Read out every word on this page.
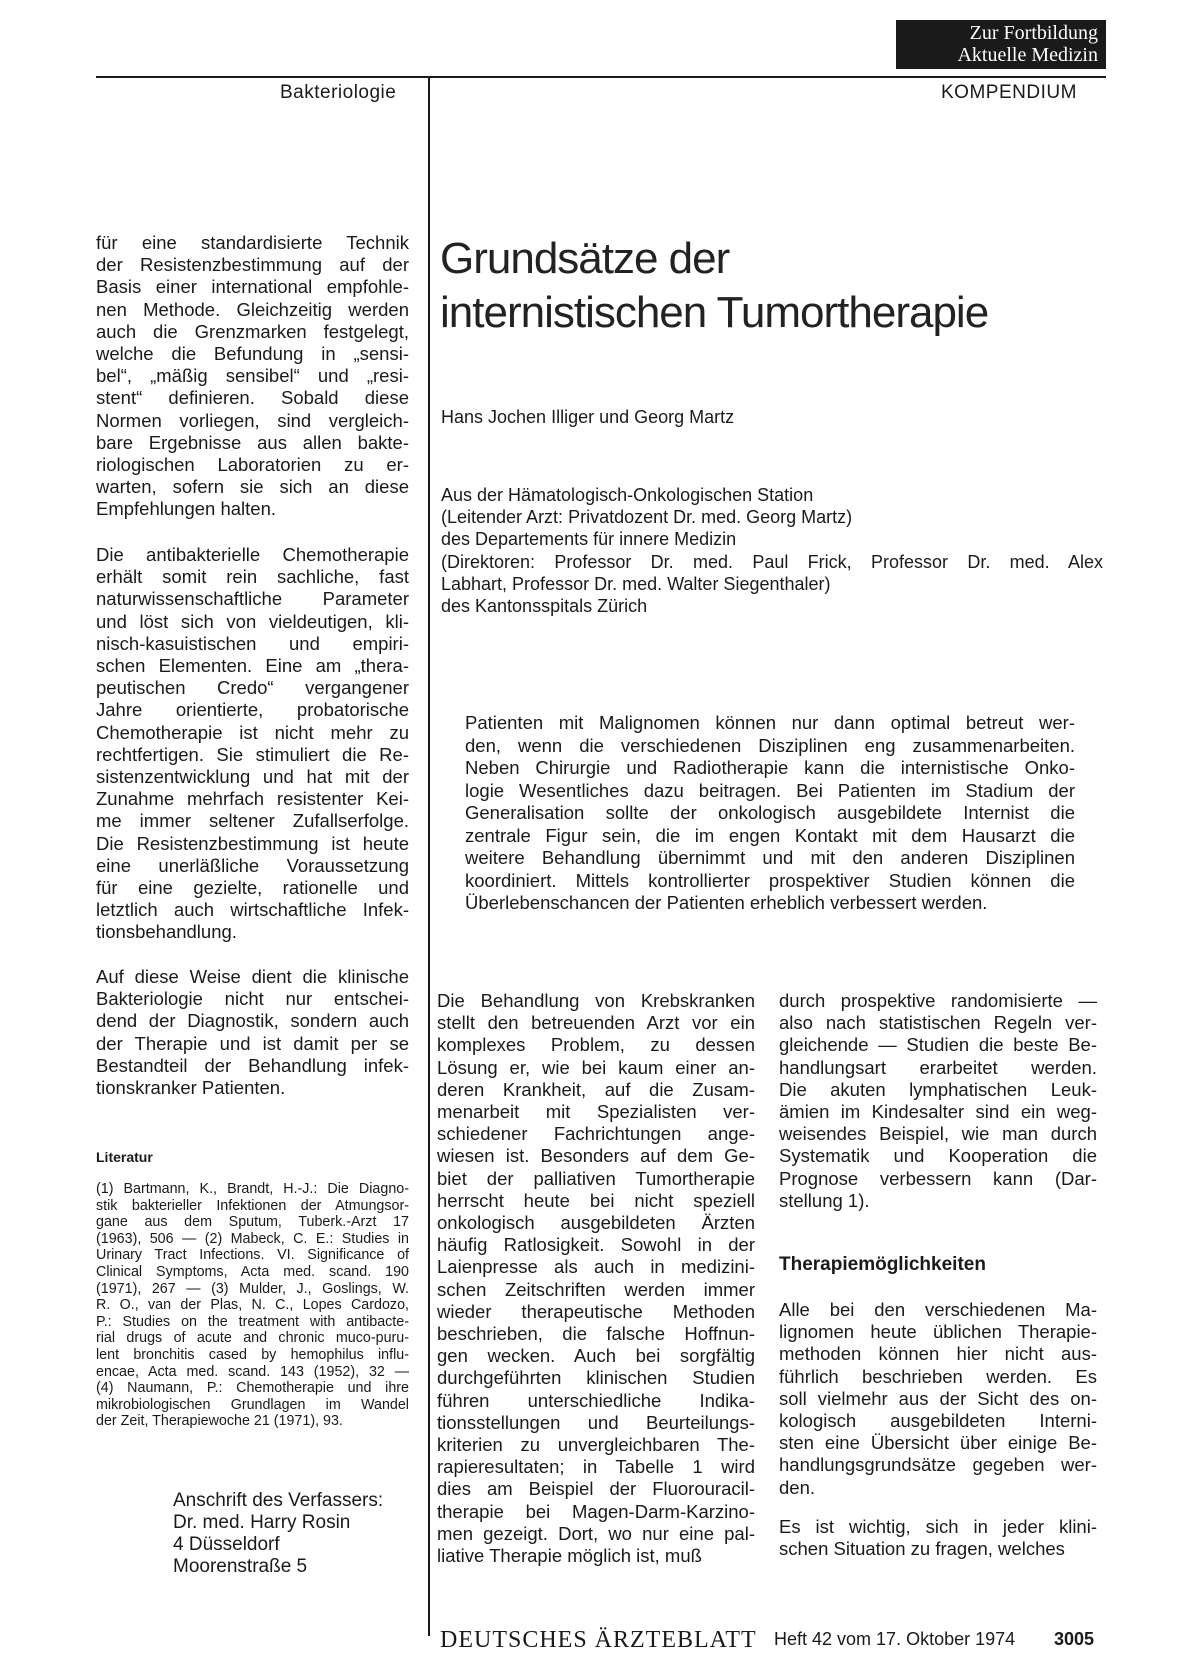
Zur Fortbildung
Aktuelle Medizin
Bakteriologie	KOMPENDIUM
für eine standardisierte Technik
der Resistenzbestimmung auf der
Basis einer international empfohle-
nen Methode. Gleichzeitig werden
auch die Grenzmarken festgelegt,
welche die Befundung in „sensi-
bel“, „mäßig sensibel“ und „resi-
stent“ definieren. Sobald diese
Normen vorliegen, sind vergleich-
bare Ergebnisse aus allen bakte-
riologischen Laboratorien zu er-
warten, sofern sie sich an diese
Empfehlungen halten.
Die antibakterielle Chemotherapie
erhält somit rein sachliche, fast
naturwissenschaftliche Parameter
und löst sich von vieldeutigen, kli-
nisch-kasuistischen und empiri-
schen Elementen. Eine am „thera-
peutischen Credo“ vergangener
Jahre orientierte, probatorische
Chemotherapie ist nicht mehr zu
rechtfertigen. Sie stimuliert die Re-
sistenzentwicklung und hat mit der
Zunahme mehrfach resistenter Kei-
me immer seltener Zufallserfolge.
Die Resistenzbestimmung ist heute
eine unerläßliche Voraussetzung
für eine gezielte, rationelle und
letztlich auch wirtschaftliche Infek-
tionsbehandlung.
Auf diese Weise dient die klinische
Bakteriologie nicht nur entschei-
dend der Diagnostik, sondern auch
der Therapie und ist damit per se
Bestandteil der Behandlung infek-
tionskranker Patienten.
Literatur
(1) Bartmann, K., Brandt, H.-J.: Die Diagno-
stik bakterieller Infektionen der Atmungsor-
gane aus dem Sputum, Tuberk.-Arzt 17
(1963), 506 — (2) Mabeck, C. E.: Studies in
Urinary Tract Infections. VI. Significance of
Clinical Symptoms, Acta med. scand. 190
(1971), 267 — (3) Mulder, J., Goslings, W.
R. O., van der Plas, N. C., Lopes Cardozo,
P.: Studies on the treatment with antibacte-
rial drugs of acute and chronic muco-puru-
lent bronchitis cased by hemophilus influ-
encae, Acta med. scand. 143 (1952), 32 —
(4) Naumann, P.: Chemotherapie und ihre
mikrobiologischen Grundlagen im Wandel
der Zeit, Therapiewoche 21 (1971), 93.
Anschrift des Verfassers:
Dr. med. Harry Rosin
4 Düsseldorf
Moorenstraße 5
Grundsätze der
internistischen Tumortherapie
Hans Jochen Illiger und Georg Martz
Aus der Hämatologisch-Onkologischen Station
(Leitender Arzt: Privatdozent Dr. med. Georg Martz)
des Departements für innere Medizin
(Direktoren: Professor Dr. med. Paul Frick, Professor Dr. med. Alex
Labhart, Professor Dr. med. Walter Siegenthaler)
des Kantonsspitals Zürich
Patienten mit Malignomen können nur dann optimal betreut wer-
den, wenn die verschiedenen Disziplinen eng zusammenarbeiten.
Neben Chirurgie und Radiotherapie kann die internistische Onko-
logie Wesentliches dazu beitragen. Bei Patienten im Stadium der
Generalisation sollte der onkologisch ausgebildete Internist die
zentrale Figur sein, die im engen Kontakt mit dem Hausarzt die
weitere Behandlung übernimmt und mit den anderen Disziplinen
koordiniert. Mittels kontrollierter prospektiver Studien können die
Überlebenschancen der Patienten erheblich verbessert werden.
Die Behandlung von Krebskranken
stellt den betreuenden Arzt vor ein
komplexes Problem, zu dessen
Lösung er, wie bei kaum einer an-
deren Krankheit, auf die Zusam-
menarbeit mit Spezialisten ver-
schiedener Fachrichtungen ange-
wiesen ist. Besonders auf dem Ge-
biet der palliativen Tumortherapie
herrscht heute bei nicht speziell
onkologisch ausgebildeten Ärzten
häufig Ratlosigkeit. Sowohl in der
Laienpresse als auch in medizini-
schen Zeitschriften werden immer
wieder therapeutische Methoden
beschrieben, die falsche Hoffnun-
gen wecken. Auch bei sorgfältig
durchgeführten klinischen Studien
führen unterschiedliche Indika-
tionsstellungen und Beurteilungs-
kriterien zu unvergleichbaren The-
rapieresultaten; in Tabelle 1 wird
dies am Beispiel der Fluorouracil-
therapie bei Magen-Darm-Karzino-
men gezeigt. Dort, wo nur eine pal-
liative Therapie möglich ist, muß
durch prospektive randomisierte —
also nach statistischen Regeln ver-
gleichende — Studien die beste Be-
handlungsart erarbeitet werden.
Die akuten lymphatischen Leuk-
ämien im Kindesalter sind ein weg-
weisendes Beispiel, wie man durch
Systematik und Kooperation die
Prognose verbessern kann (Dar-
stellung 1).
Therapiemöglichkeiten
Alle bei den verschiedenen Ma-
lignomen heute üblichen Therapie-
methoden können hier nicht aus-
führlich beschrieben werden. Es
soll vielmehr aus der Sicht des on-
kologisch ausgebildeten Interni-
sten eine Übersicht über einige Be-
handlungsgrundsätze gegeben wer-
den.
Es ist wichtig, sich in jeder klini-
schen Situation zu fragen, welches
DEUTSCHES ÄRZTEBLATT Heft 42 vom 17. Oktober 1974 3005
